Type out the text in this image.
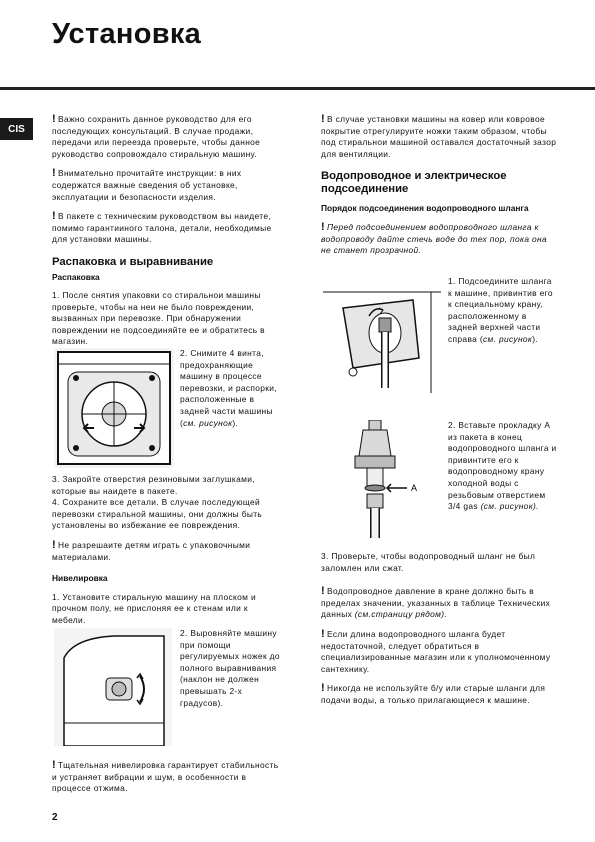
Установка
CIS

! Важно сохранить данное руководство для его последующих консультаций. В случае продажи, передачи или переезда проверьте, чтобы данное руководство сопровождало стиральную машину.

! Внимательно прочитайте инструкции: в них содержатся важные сведения об установке, эксплуатации и безопасности изделия.

! В пакете с техническим руководством вы наидете, помимо гарантииного талона, детали, необходимые для установки машины.

Распаковка и выравнивание
Распаковка

1. После снятия упаковки со стиральнoи машины проверьте, чтобы на неи не было повреждении, вызванных при перевозке. При обнаружении повреждении не подсоединяйте ее и обратитесь в магазин.

2. Снимите 4 винта, предохраняющие машину в процессе перевозки, и распорки, расположенные в задней части машины (см. рисунок).

3. Закройте отверстия резиновыми заглушками, которые вы наидете в пакете.

4. Сохраните все детали. В случае последующей перевозки стиральной машины, они должны быть установлены во избежание ее повреждения.

! Не разрешаите детям играть с упаковочными материалами.

Нивелировка

1. Установите стиральную машину на плоском и прочном полу, не прислоняя ее к стенам или к мебели.

2. Выровняйте машину при помощи регулируемых ножек до полного выравнивания (наклон не должен превышать 2-х градусов).

! Тщательная нивелировка гарантирует стабильность и устраняет вибрации и шум, в особенности в процессе отжима.

! В случае установки машины на ковер или ковровое покрытие отрегулируите ножки таким образом, чтобы под стиральнoи машиной оставался достаточный зазор для вентиляции.

Водопроводное и электрическое подсоединение
Порядок подсоединения водопроводного шланга

! Перед подсоединением водопроводного шланга к водопроводу дайте стечь воде до тех пор, пока она не станет прозрачной.

1. Подсоедините шланга к машине, привинтив его к специальному крану, расположенному в задней верхней части справа (см. рисунок).

A

2. Вставьте прокладку A из пакета в конец водопроводного шланга и привинтите его к водопроводному крану холодной воды с резьбовым отверстием 3/4 gas (см. рисунок).

3. Проверьте, чтобы водопроводный шланг не был заломлен или сжат.

! Водопроводное давление в кране должно быть в пределах значении, указанных в таблице Технических данных (см.страницу рядом).

! Если длина водопроводного шланга будет недостаточной, следует обратиться в специализированные магазин или к уполномоченному сантехнику.

! Никогда не используйте б/у или старые шланги для подачи воды, а только прилагающиеся к машине.

2
